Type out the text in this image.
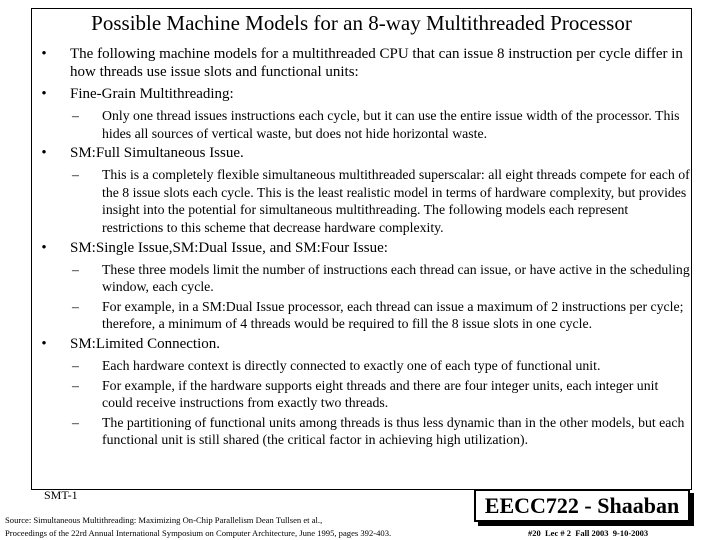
Possible Machine Models for an 8-way Multithreaded Processor
• The following machine models for a multithreaded CPU that can issue 8 instruction per cycle differ in how threads use issue slots and functional units:
• Fine-Grain Multithreading:
– Only one thread issues instructions each cycle, but it can use the entire issue width of the processor. This hides all sources of vertical waste, but does not hide horizontal waste.
• SM:Full Simultaneous Issue.
– This is a completely flexible simultaneous multithreaded superscalar: all eight threads compete for each of the 8 issue slots each cycle. This is the least realistic model in terms of hardware complexity, but provides insight into the potential for simultaneous multithreading. The following models each represent restrictions to this scheme that decrease hardware complexity.
• SM:Single Issue,SM:Dual Issue, and SM:Four Issue:
– These three models limit the number of instructions each thread can issue, or have active in the scheduling window, each cycle.
– For example, in a SM:Dual Issue processor, each thread can issue a maximum of 2 instructions per cycle; therefore, a minimum of 4 threads would be required to fill the 8 issue slots in one cycle.
• SM:Limited Connection.
– Each hardware context is directly connected to exactly one of each type of functional unit.
– For example, if the hardware supports eight threads and there are four integer units, each integer unit could receive instructions from exactly two threads.
– The partitioning of functional units among threads is thus less dynamic than in the other models, but each functional unit is still shared (the critical factor in achieving high utilization).
SMT-1	EECC722 - Shaaban
Source: Simultaneous Multithreading: Maximizing On-Chip Parallelism Dean Tullsen et al.,
Proceedings of the 22rd Annual International Symposium on Computer Architecture, June 1995, pages 392-403.	#20  Lec # 2  Fall 2003  9-10-2003
